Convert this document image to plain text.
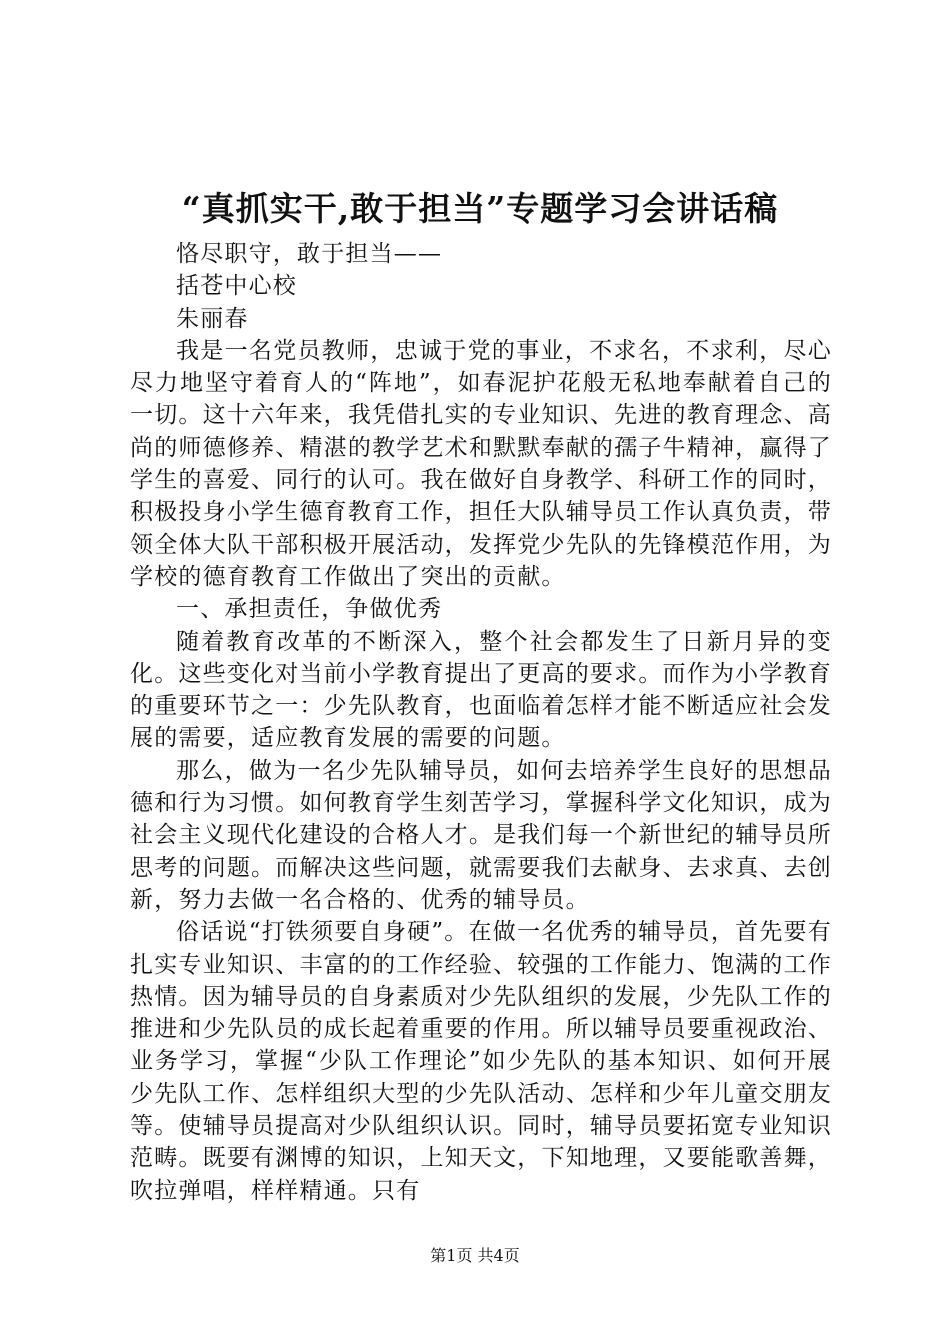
“真抓实干,敢于担当”专题学习会讲话稿

恪尽职守，敢于担当——

括苍中心校

朱丽春

我是一名党员教师，忠诚于党的事业，不求名，不求利，尽心尽力地坚守着育人的“阵地”，如春泥护花般无私地奉献着自己的一切。这十六年来，我凭借扎实的专业知识、先进的教育理念、高尚的师德修养、精湛的教学艺术和默默奉献的孺子牛精神，赢得了学生的喜爱、同行的认可。我在做好自身教学、科研工作的同时，积极投身小学生德育教育工作，担任大队辅导员工作认真负责，带领全体大队干部积极开展活动，发挥党少先队的先锋模范作用，为学校的德育教育工作做出了突出的贡献。

一、承担责任，争做优秀

随着教育改革的不断深入，整个社会都发生了日新月异的变化。这些变化对当前小学教育提出了更高的要求。而作为小学教育的重要环节之一：少先队教育，也面临着怎样才能不断适应社会发展的需要，适应教育发展的需要的问题。

那么，做为一名少先队辅导员，如何去培养学生良好的思想品德和行为习惯。如何教育学生刻苦学习，掌握科学文化知识，成为社会主义现代化建设的合格人才。是我们每一个新世纪的辅导员所思考的问题。而解决这些问题，就需要我们去献身、去求真、去创新，努力去做一名合格的、优秀的辅导员。

俗话说“打铁须要自身硬”。在做一名优秀的辅导员，首先要有扎实专业知识、丰富的的工作经验、较强的工作能力、饱满的工作热情。因为辅导员的自身素质对少先队组织的发展，少先队工作的推进和少先队员的成长起着重要的作用。所以辅导员要重视政治、业务学习，掌握“少队工作理论”如少先队的基本知识、如何开展少先队工作、怎样组织大型的少先队活动、怎样和少年儿童交朋友等。使辅导员提高对少队组织认识。同时，辅导员要拓宽专业知识范畴。既要有渊博的知识，上知天文，下知地理，又要能歌善舞，吹拉弹唱，样样精通。只有

第1页 共4页
